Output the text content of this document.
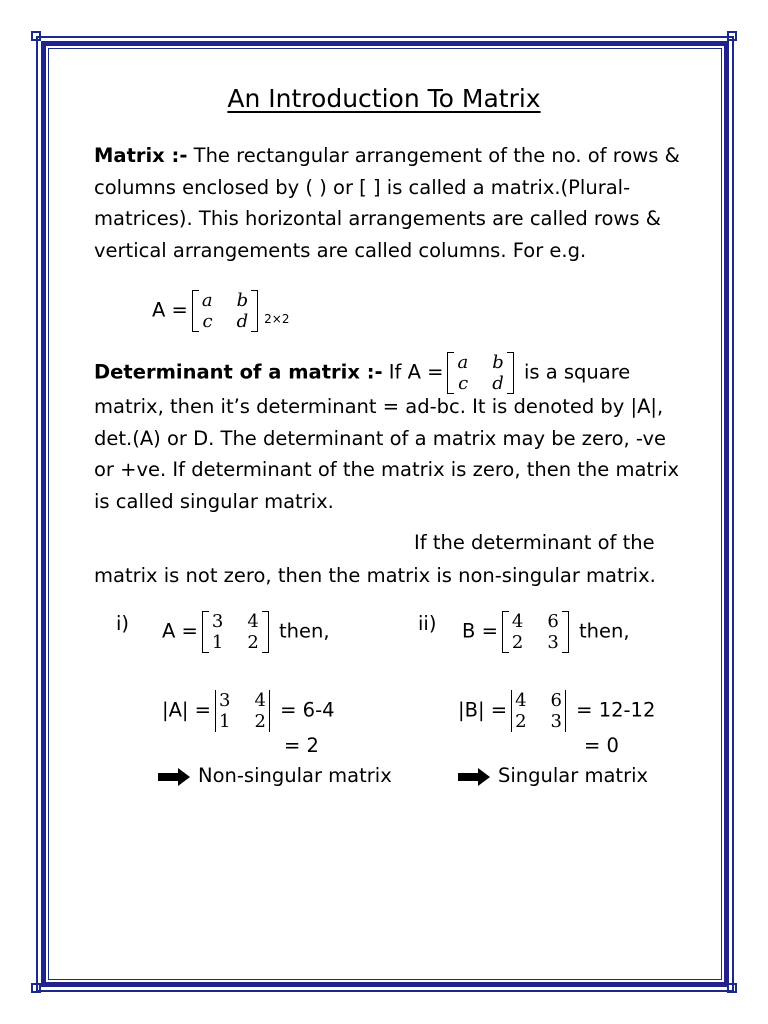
An Introduction To Matrix
Matrix :- The rectangular arrangement of the no. of rows & columns enclosed by ( ) or [ ] is called a matrix.(Plural-matrices). This horizontal arrangements are called rows & vertical arrangements are called columns. For e.g.
A = a b
c d $_{2\times 2}$
Determinant of a matrix :- If A = a b
c d is a square
matrix, then it’s determinant = ad-bc. It is denoted by |A|, det.(A) or D. The determinant of a matrix may be zero, -ve or +ve. If determinant of the matrix is zero, then the matrix is called singular matrix.
If the determinant of the
matrix is not zero, then the matrix is non-singular matrix.
i) A = 3 4
1 2 then,	ii) B = 4 6
2 3 then,
|A| = 3 4
1 2 = 6-4	|B| = 4 6
2 3 = 12-12
= 2	= 0
Non-singular matrix	Singular matrix
